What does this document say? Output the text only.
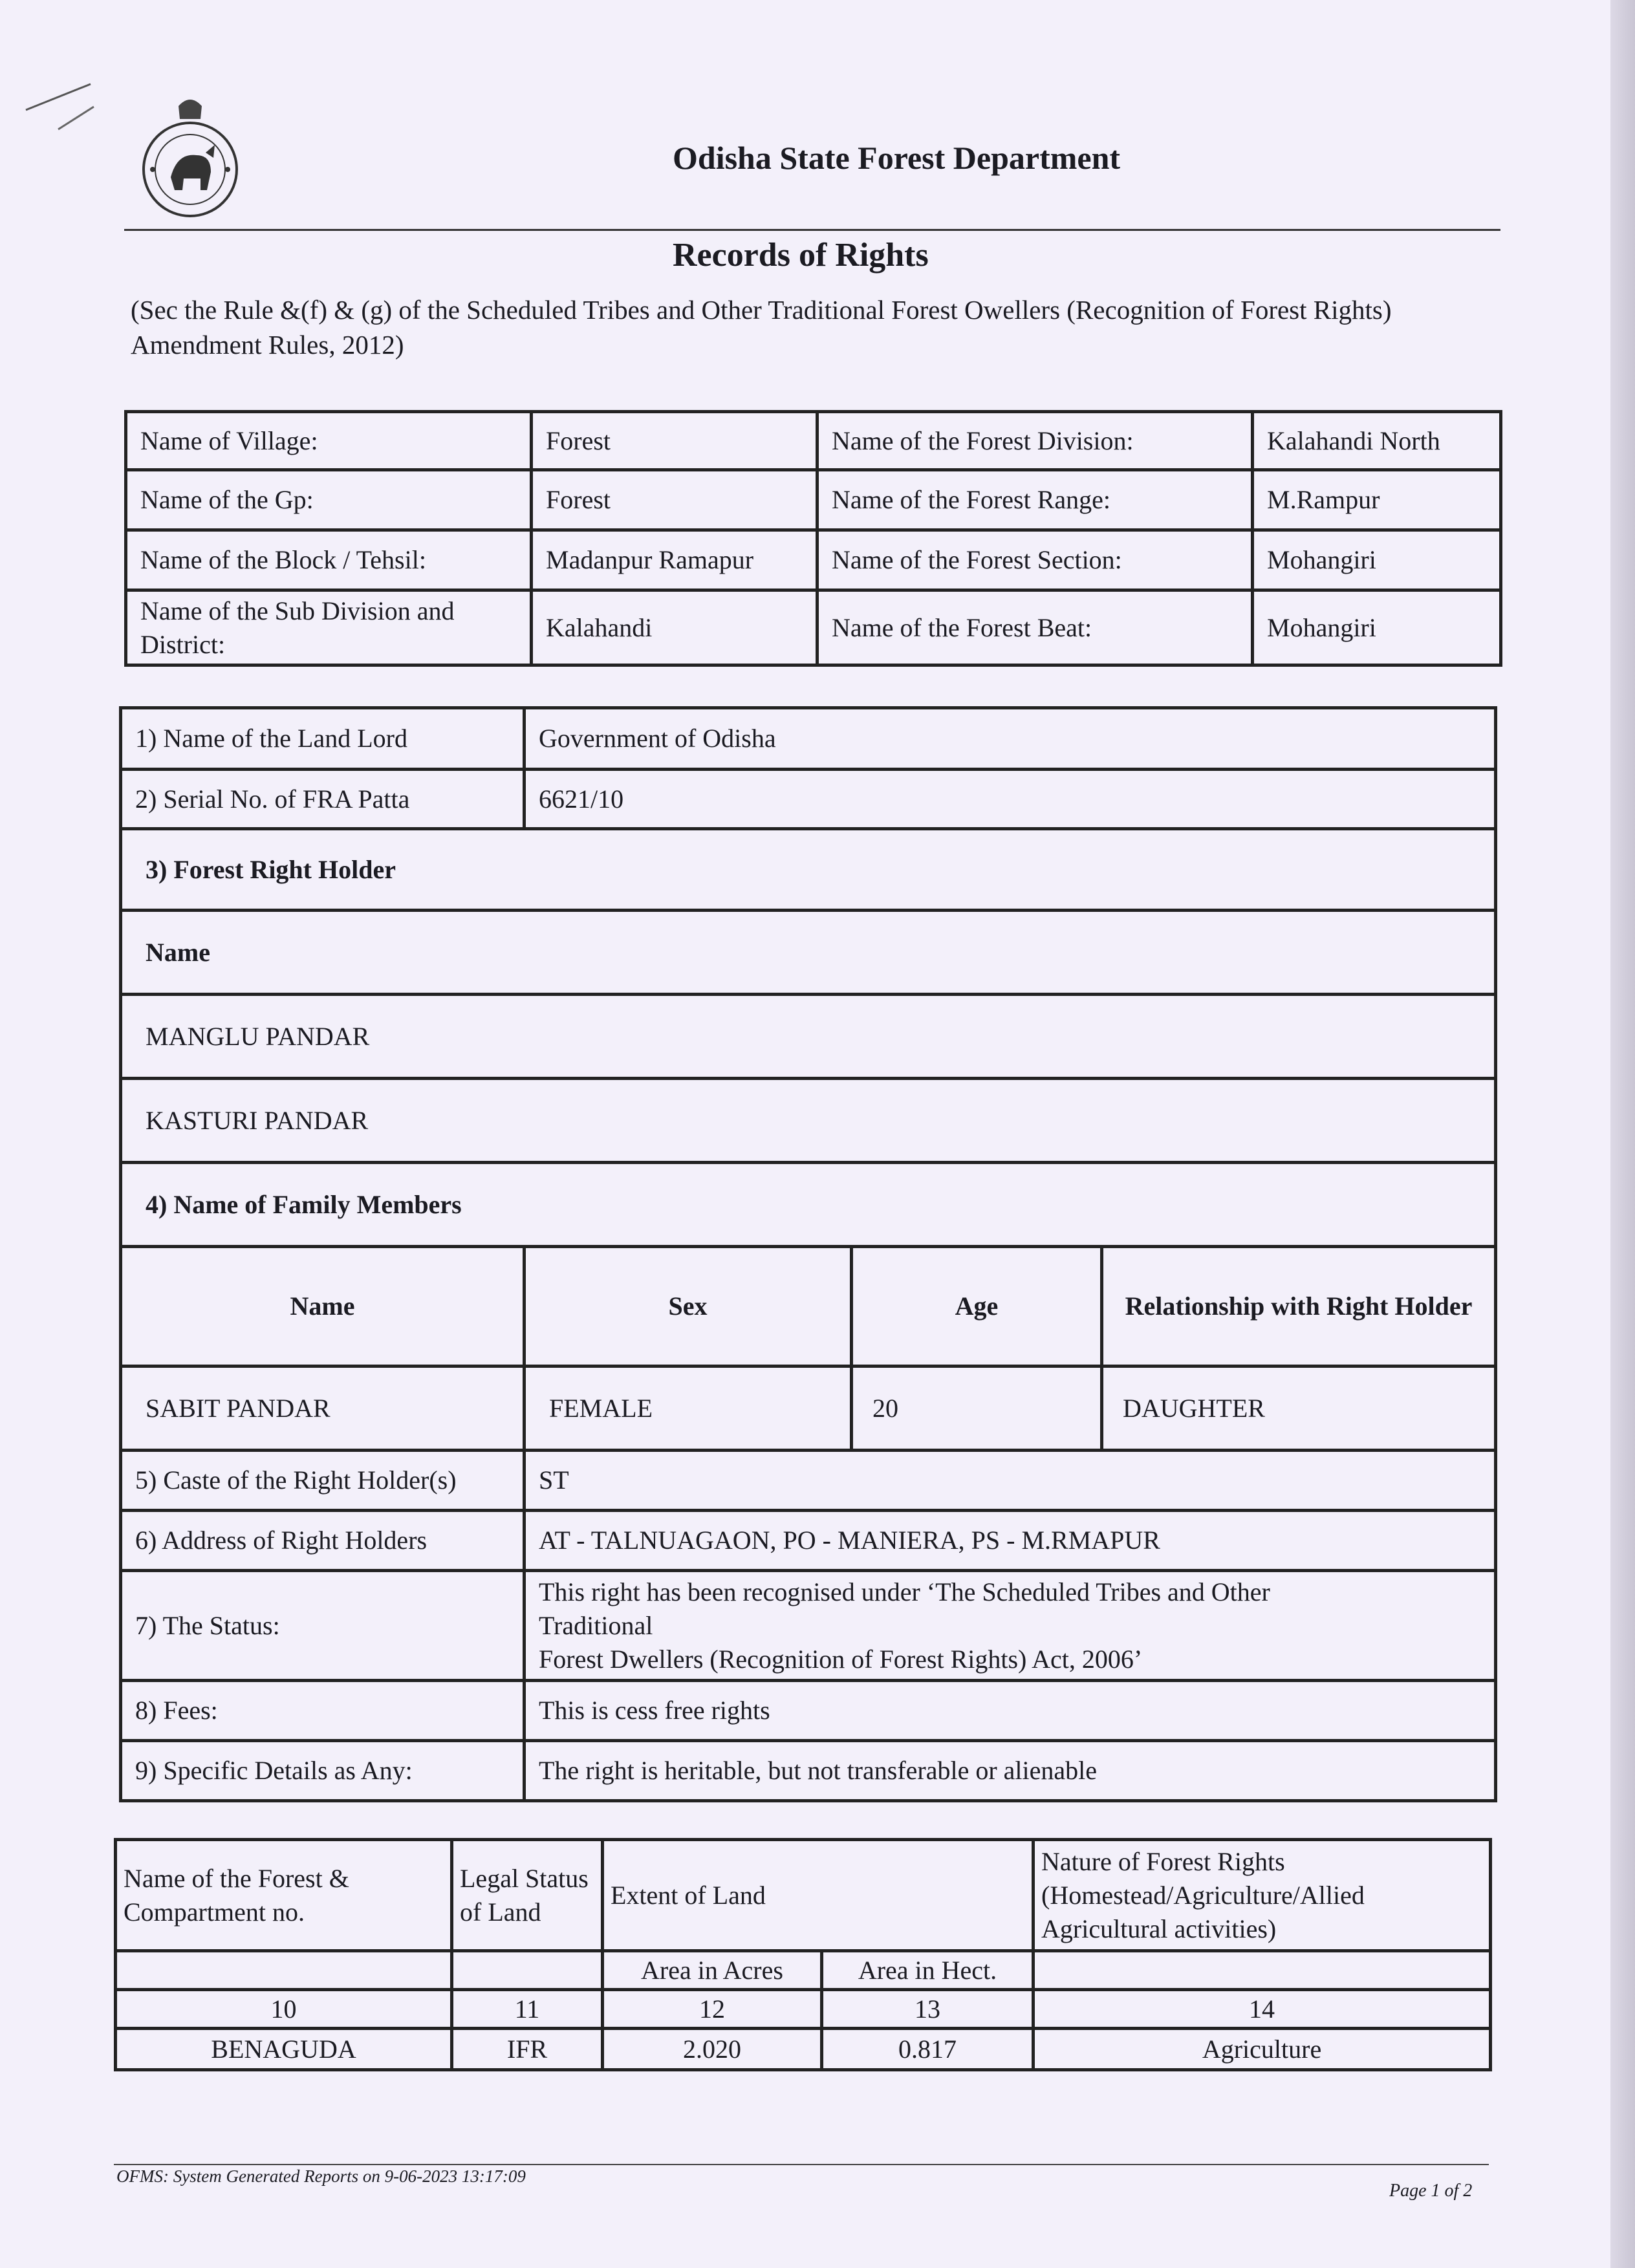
Odisha State Forest Department
Records of Rights
(Sec the Rule &(f) & (g) of the Scheduled Tribes and Other Traditional Forest Owellers (Recognition of Forest Rights) Amendment Rules, 2012)
Name of Village:	Forest	Name of the Forest Division:	Kalahandi North
Name of the Gp:	Forest	Name of the Forest Range:	M.Rampur
Name of the Block / Tehsil:	Madanpur Ramapur	Name of the Forest Section:	Mohangiri
Name of the Sub Division and District:	Kalahandi	Name of the Forest Beat:	Mohangiri
1) Name of the Land Lord	Government of Odisha		
2) Serial No. of FRA Patta	6621/10		
3) Forest Right Holder			
Name			
MANGLU PANDAR			
KASTURI PANDAR			
4) Name of Family Members			
Name	Sex	Age	Relationship with Right Holder
SABIT PANDAR	FEMALE	20	DAUGHTER
5) Caste of the Right Holder(s)	ST		
6) Address of Right Holders	AT - TALNUAGAON, PO - MANIERA, PS - M.RMAPUR		
7) The Status:	This right has been recognised under ‘The Scheduled Tribes and Other Traditional
Forest Dwellers (Recognition of Forest Rights) Act, 2006’		

8) Fees:	This is cess free rights		
9) Specific Details as Any:	The right is heritable, but not transferable or alienable		
Name of the Forest & Compartment no.	Legal Status of Land	Extent of Land		Nature of Forest Rights (Homestead/Agriculture/Allied Agricultural activities)
		Area in Acres	Area in Hect.	
10	11	12	13	14
BENAGUDA	IFR	2.020	0.817	Agriculture
OFMS: System Generated Reports on 9-06-2023 13:17:09
Page 1 of 2
